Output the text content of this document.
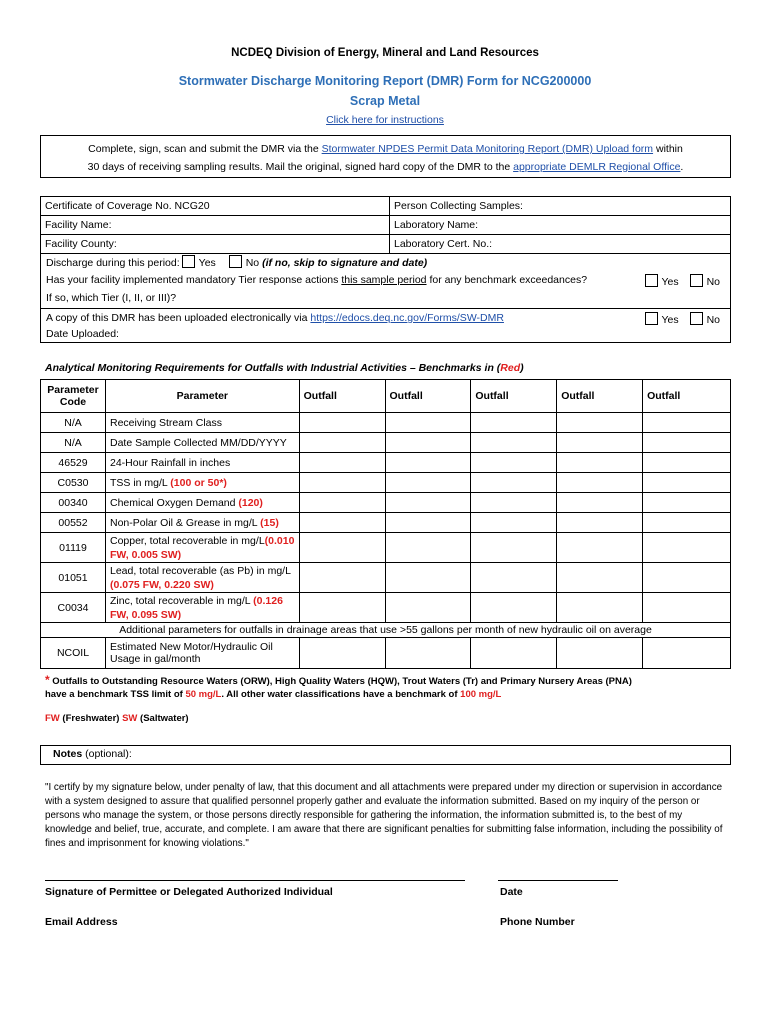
NCDEQ Division of Energy, Mineral and Land Resources
Stormwater Discharge Monitoring Report (DMR) Form for NCG200000
Scrap Metal
Click here for instructions
Complete, sign, scan and submit the DMR via the Stormwater NPDES Permit Data Monitoring Report (DMR) Upload form within
30 days of receiving sampling results. Mail the original, signed hard copy of the DMR to the appropriate DEMLR Regional Office.
Certificate of Coverage No. NCG20	Person Collecting Samples:
Facility Name:	Laboratory Name:
Facility County:	Laboratory Cert. No.:
Discharge during this period: Yes	No (if no, skip to signature and date)
Has your facility implemented mandatory Tier response actions this sample period for any benchmark exceedances?	Yes	No
If so, which Tier (I, II, or III)?
A copy of this DMR has been uploaded electronically via https://edocs.deq.nc.gov/Forms/SW-DMR	Yes	No
Date Uploaded:
Analytical Monitoring Requirements for Outfalls with Industrial Activities – Benchmarks in (Red)
Parameter Code	Parameter	Outfall	Outfall	Outfall	Outfall	Outfall
N/A	Receiving Stream Class					
N/A	Date Sample Collected MM/DD/YYYY					
46529	24-Hour Rainfall in inches					
C0530	TSS in mg/L (100 or 50*)					
00340	Chemical Oxygen Demand (120)					
00552	Non-Polar Oil & Grease in mg/L (15)					
01119	Copper, total recoverable in mg/L(0.010 FW, 0.005 SW)					
01051	Lead, total recoverable (as Pb) in mg/L (0.075 FW, 0.220 SW)					
C0034	Zinc, total recoverable in mg/L (0.126 FW, 0.095 SW)					
Additional parameters for outfalls in drainage areas that use >55 gallons per month of new hydraulic oil on average						
NCOIL	Estimated New Motor/Hydraulic Oil Usage in gal/month					
* Outfalls to Outstanding Resource Waters (ORW), High Quality Waters (HQW), Trout Waters (Tr) and Primary Nursery Areas (PNA)
have a benchmark TSS limit of 50 mg/L. All other water classifications have a benchmark of 100 mg/L
FW (Freshwater) SW (Saltwater)
Notes (optional):
"I certify by my signature below, under penalty of law, that this document and all attachments were prepared under my direction or supervision in accordance with a system designed to assure that qualified personnel properly gather and evaluate the information submitted. Based on my inquiry of the person or persons who manage the system, or those persons directly responsible for gathering the information, the information submitted is, to the best of my knowledge and belief, true, accurate, and complete. I am aware that there are significant penalties for submitting false information, including the possibility of fines and imprisonment for knowing violations."
Signature of Permittee or Delegated Authorized Individual	Date
Email Address	Phone Number
